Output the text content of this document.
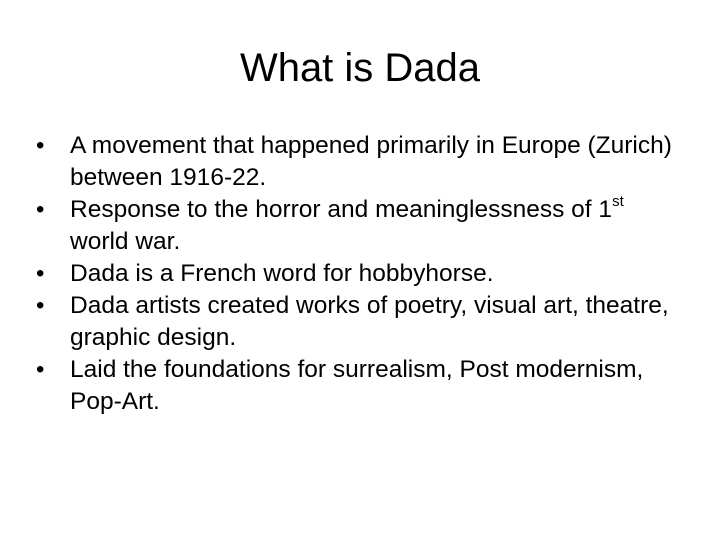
What is Dada
•	A movement that happened primarily in Europe (Zurich) between 1916-22.
•	Response to the horror and meaninglessness of 1st world war.
•	Dada is a French word for hobbyhorse.
•	Dada artists created works of poetry, visual art, theatre, graphic design.
•	Laid the foundations for surrealism, Post modernism, Pop-Art.
